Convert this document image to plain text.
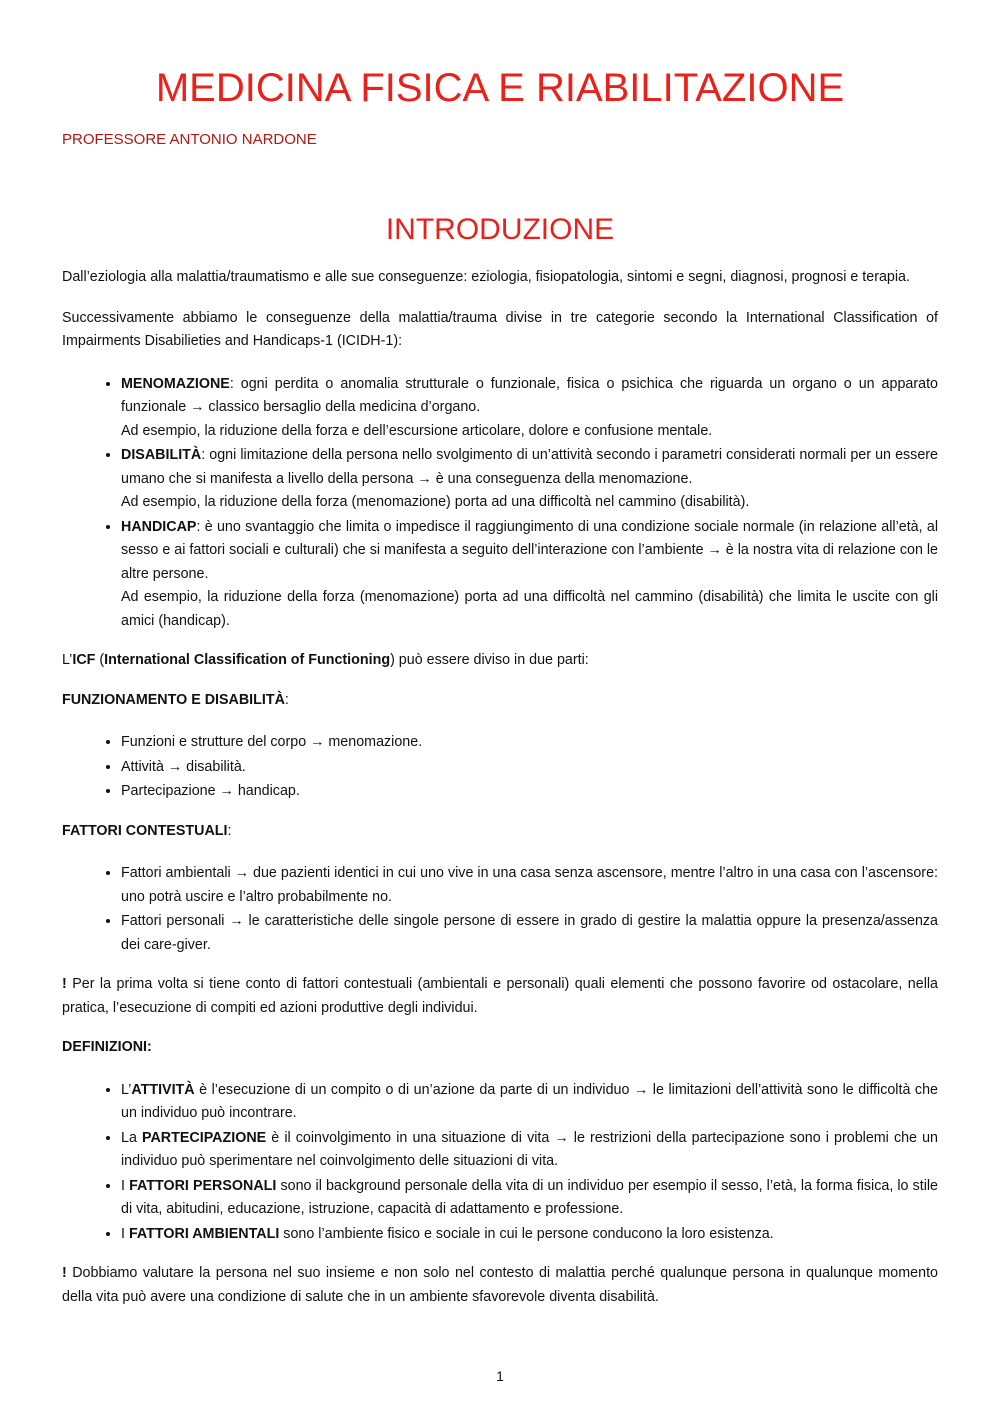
MEDICINA FISICA E RIABILITAZIONE
PROFESSORE ANTONIO NARDONE
INTRODUZIONE

Dall’eziologia alla malattia/traumatismo e alle sue conseguenze: eziologia, fisiopatologia, sintomi e segni, diagnosi, prognosi e terapia.

Successivamente abbiamo le conseguenze della malattia/trauma divise in tre categorie secondo la International Classification of Impairments Disabilieties and Handicaps-1 (ICIDH-1):

• MENOMAZIONE: ogni perdita o anomalia strutturale o funzionale, fisica o psichica che riguarda un organo o un apparato funzionale → classico bersaglio della medicina d’organo.
Ad esempio, la riduzione della forza e dell’escursione articolare, dolore e confusione mentale.
• DISABILITÀ: ogni limitazione della persona nello svolgimento di un’attività secondo i parametri considerati normali per un essere umano che si manifesta a livello della persona → è una conseguenza della menomazione.
Ad esempio, la riduzione della forza (menomazione) porta ad una difficoltà nel cammino (disabilità).
• HANDICAP: è uno svantaggio che limita o impedisce il raggiungimento di una condizione sociale normale (in relazione all’età, al sesso e ai fattori sociali e culturali) che si manifesta a seguito dell’interazione con l’ambiente → è la nostra vita di relazione con le altre persone.
Ad esempio, la riduzione della forza (menomazione) porta ad una difficoltà nel cammino (disabilità) che limita le uscite con gli amici (handicap).

L’ICF (International Classification of Functioning) può essere diviso in due parti:

FUNZIONAMENTO E DISABILITÀ:
• Funzioni e strutture del corpo → menomazione.
• Attività → disabilità.
• Partecipazione → handicap.
FATTORI CONTESTUALI:
• Fattori ambientali → due pazienti identici in cui uno vive in una casa senza ascensore, mentre l’altro in una casa con l’ascensore: uno potrà uscire e l’altro probabilmente no.
• Fattori personali → le caratteristiche delle singole persone di essere in grado di gestire la malattia oppure la presenza/assenza dei care-giver.

! Per la prima volta si tiene conto di fattori contestuali (ambientali e personali) quali elementi che possono favorire od ostacolare, nella pratica, l’esecuzione di compiti ed azioni produttive degli individui.

DEFINIZIONI:
• L’ATTIVITÀ è l’esecuzione di un compito o di un’azione da parte di un individuo → le limitazioni dell’attività sono le difficoltà che un individuo può incontrare.
• La PARTECIPAZIONE è il coinvolgimento in una situazione di vita → le restrizioni della partecipazione sono i problemi che un individuo può sperimentare nel coinvolgimento delle situazioni di vita.
• I FATTORI PERSONALI sono il background personale della vita di un individuo per esempio il sesso, l’età, la forma fisica, lo stile di vita, abitudini, educazione, istruzione, capacità di adattamento e professione.
• I FATTORI AMBIENTALI sono l’ambiente fisico e sociale in cui le persone conducono la loro esistenza.

! Dobbiamo valutare la persona nel suo insieme e non solo nel contesto di malattia perché qualunque persona in qualunque momento della vita può avere una condizione di salute che in un ambiente sfavorevole diventa disabilità.

1
